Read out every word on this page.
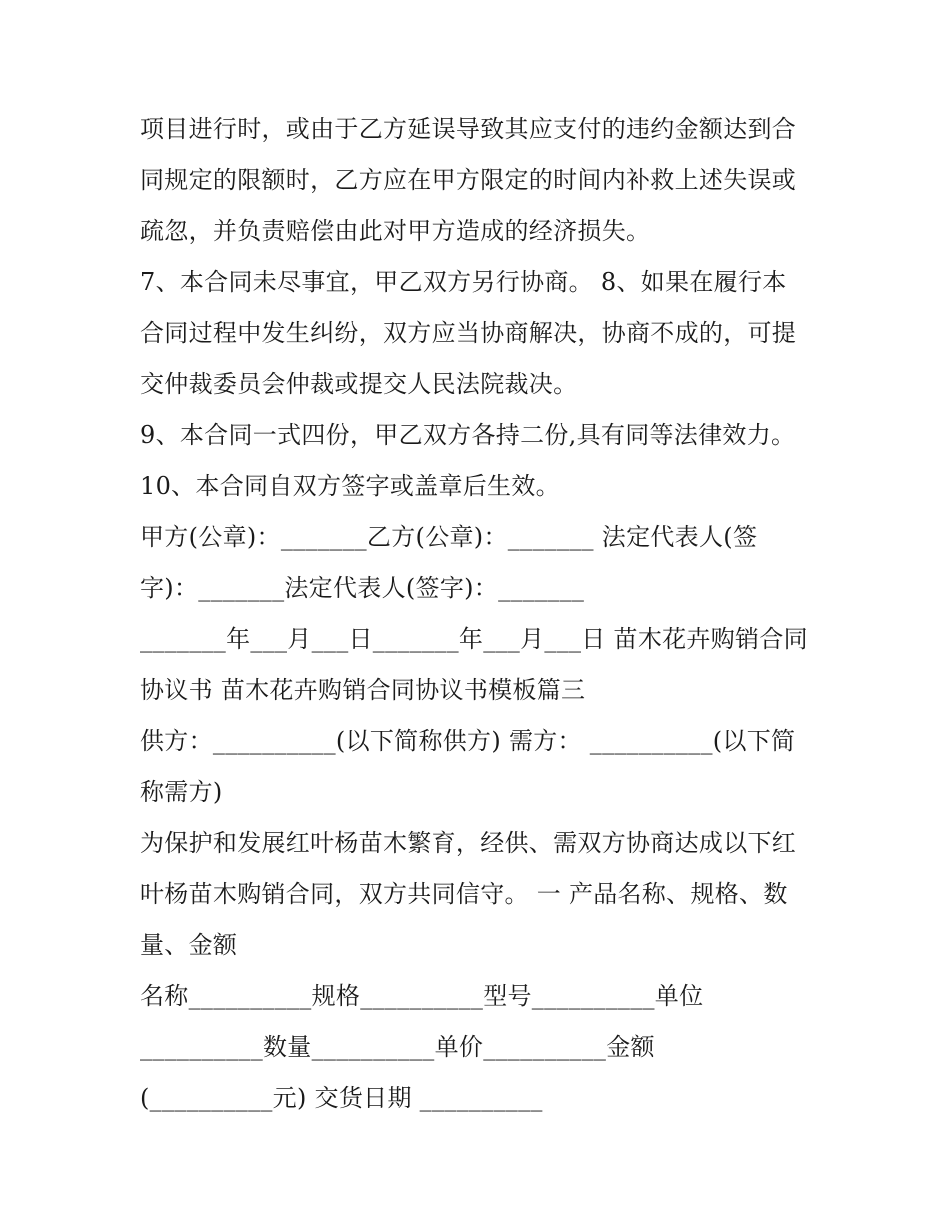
项目进行时，或由于乙方延误导致其应支付的违约金额达到合
同规定的限额时，乙方应在甲方限定的时间内补救上述失误或
疏忽，并负责赔偿由此对甲方造成的经济损失。
7、本合同未尽事宜，甲乙双方另行协商。 8、如果在履行本
合同过程中发生纠纷，双方应当协商解决，协商不成的，可提
交仲裁委员会仲裁或提交人民法院裁决。
9、本合同一式四份，甲乙双方各持二份,具有同等法律效力。
10、本合同自双方签字或盖章后生效。
甲方(公章)：_______乙方(公章)：_______ 法定代表人(签
字)：_______法定代表人(签字)：_______
_______年___月___日_______年___月___日 苗木花卉购销合同
协议书 苗木花卉购销合同协议书模板篇三
供方：__________(以下简称供方) 需方： __________(以下简
称需方)
为保护和发展红叶杨苗木繁育，经供、需双方协商达成以下红
叶杨苗木购销合同，双方共同信守。 一 产品名称、规格、数
量、金额
名称__________规格__________型号__________单位
__________数量__________单价__________金额
(__________元) 交货日期 __________
